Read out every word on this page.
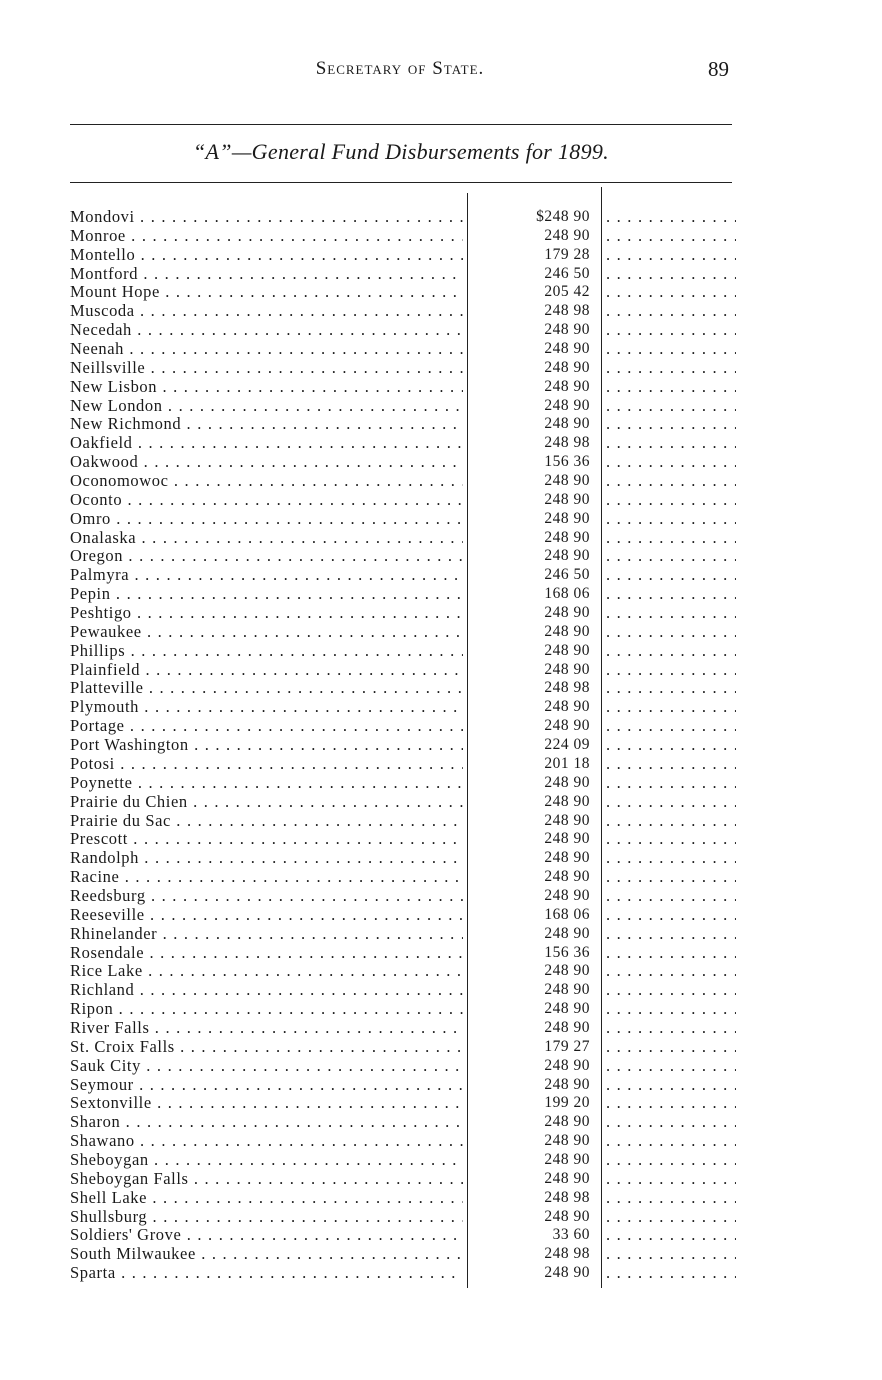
Secretary of State.	89
“A”—General Fund Disbursements for 1899.
Mondovi . . .	$248 90
. . .
Monroe . . .	248 90
. . .
Montello . . .	179 28
. . .
Montford . . .	246 50
. . .
Mount Hope . . .	205 42
. . .
Muscoda . . .	248 98
. . .
Necedah . . .	248 90
. . .
Neenah . . .	248 90
. . .
Neillsville . . .	248 90
. . .
New Lisbon . . .	248 90
. . .
New London . . .	248 90
. . .
New Richmond . . .	248 90
. . .
Oakfield . . .	248 98
. . .
Oakwood . . .	156 36
. . .
Oconomowoc . . .	248 90
. . .
Oconto . . .	248 90
. . .
Omro . . .	248 90
. . .
Onalaska . . .	248 90
. . .
Oregon . . .	248 90
. . .
Palmyra . . .	246 50
. . .
Pepin . . .	168 06
. . .
Peshtigo . . .	248 90
. . .
Pewaukee . . .	248 90
. . .
Phillips . . .	248 90
. . .
Plainfield . . .	248 90
. . .
Platteville . . .	248 98
. . .
Plymouth . . .	248 90
. . .
Portage . . .	248 90
. . .
Port Washington . . .	224 09
. . .
Potosi . . .	201 18
. . .
Poynette . . .	248 90
. . .
Prairie du Chien . . .	248 90
. . .
Prairie du Sac . . .	248 90
. . .
Prescott . . .	248 90
. . .
Randolph . . .	248 90
. . .
Racine . . .	248 90
. . .
Reedsburg . . .	248 90
. . .
Reeseville . . .	168 06
. . .
Rhinelander . . .	248 90
. . .
Rosendale . . .	156 36
. . .
Rice Lake . . .	248 90
. . .
Richland . . .	248 90
. . .
Ripon . . .	248 90
. . .
River Falls . . .	248 90
. . .
St. Croix Falls . . .	179 27
. . .
Sauk City . . .	248 90
. . .
Seymour . . .	248 90
. . .
Sextonville . . .	199 20
. . .
Sharon . . .	248 90
. . .
Shawano . . .	248 90
. . .
Sheboygan . . .	248 90
. . .
Sheboygan Falls . . .	248 90
. . .
Shell Lake . . .	248 98
. . .
Shullsburg . . .	248 90
. . .
Soldiers' Grove . . .	33 60
. . .
South Milwaukee . . .	248 98
. . .
Sparta . . .	248 90
. . .
